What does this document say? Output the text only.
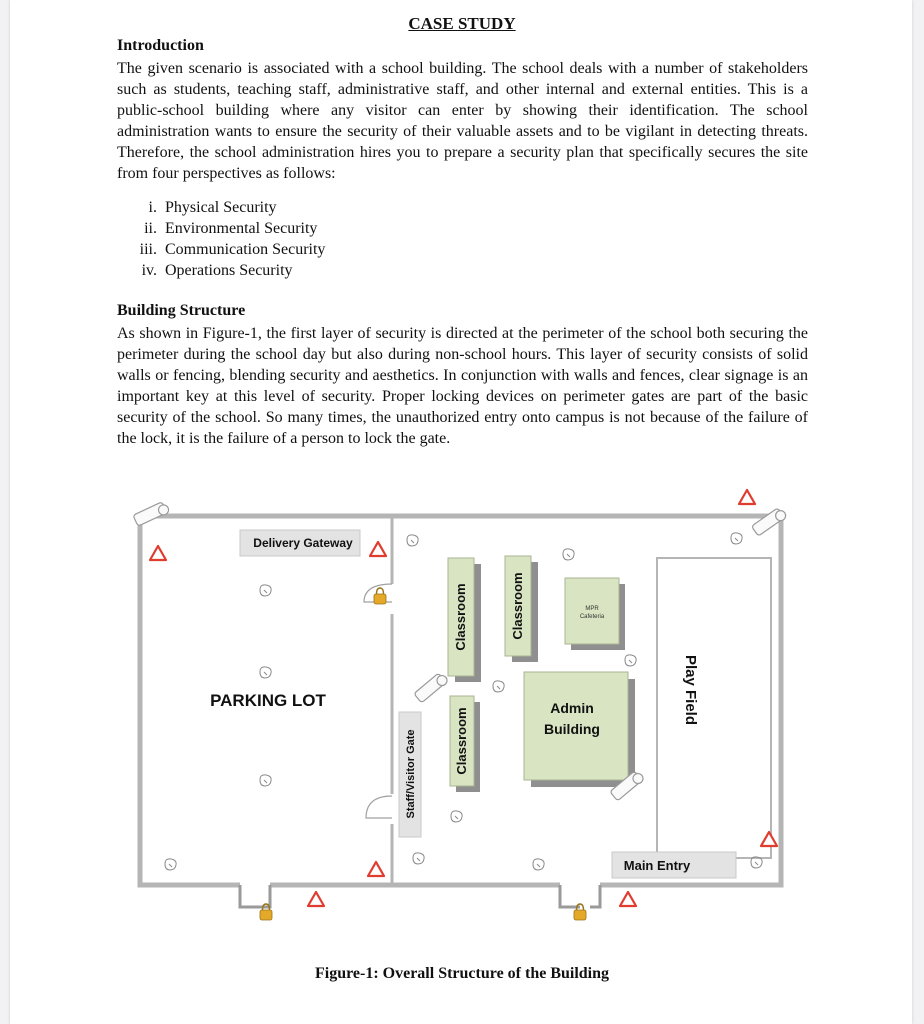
CASE STUDY
Introduction

The given scenario is associated with a school building. The school deals with a number of stakeholders such as students, teaching staff, administrative staff, and other internal and external entities. This is a public-school building where any visitor can enter by showing their identification. The school administration wants to ensure the security of their valuable assets and to be vigilant in detecting threats. Therefore, the school administration hires you to prepare a security plan that specifically secures the site from four perspectives as follows:

i. Physical Security
ii. Environmental Security
iii. Communication Security
iv. Operations Security
Building Structure

As shown in Figure-1, the first layer of security is directed at the perimeter of the school both securing the perimeter during the school day but also during non-school hours. This layer of security consists of solid walls or fencing, blending security and aesthetics. In conjunction with walls and fences, clear signage is an important key at this level of security. Proper locking devices on perimeter gates are part of the basic security of the school. So many times, the unauthorized entry onto campus is not because of the failure of the lock, it is the failure of a person to lock the gate.

Delivery Gateway
PARKING LOT
Staff/Visitor Gate
Classroom	Classroom
Classroom
MPR
Cafeteria
Admin
Building
Play Field
Main Entry
Figure-1: Overall Structure of the Building
